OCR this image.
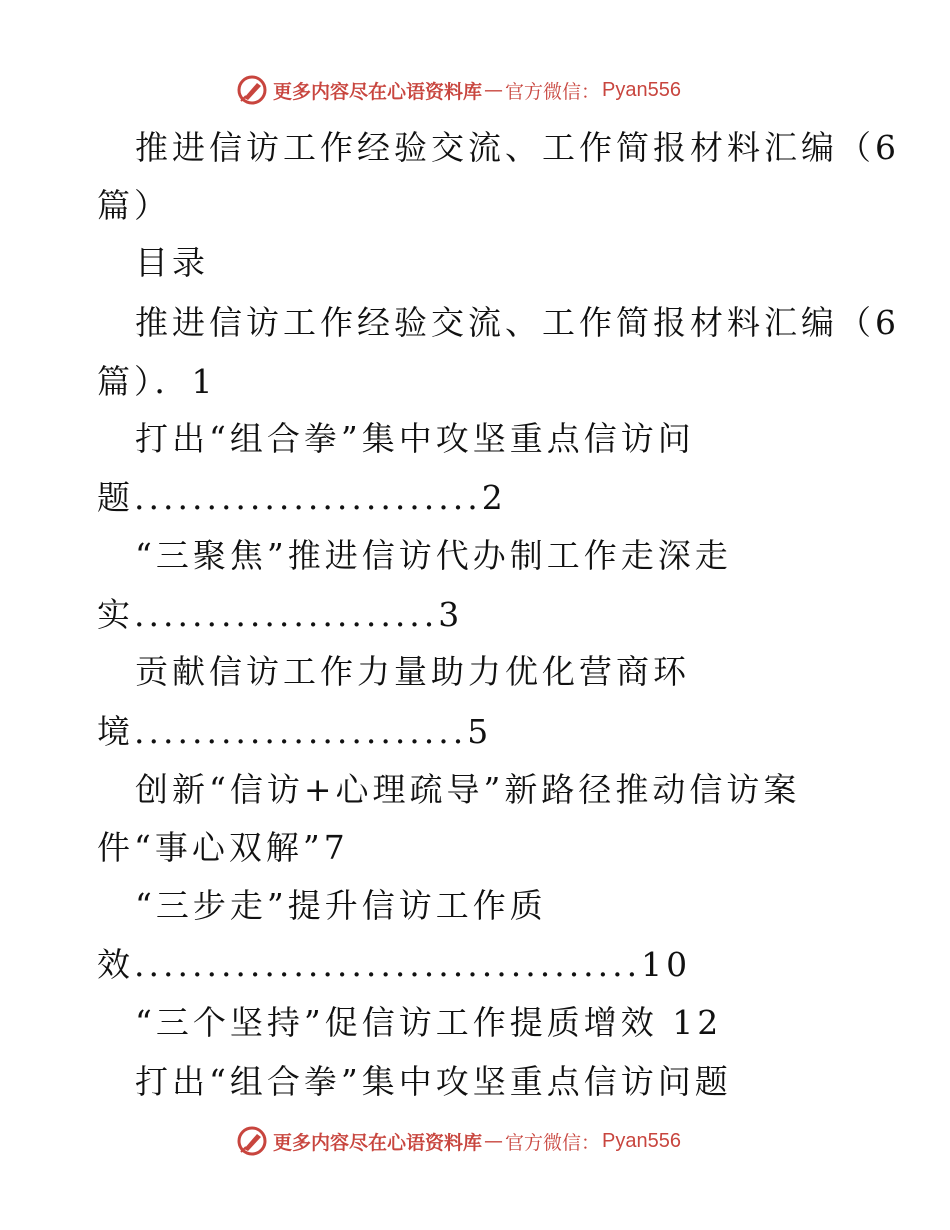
更多内容尽在心语资料库 — 官方微信： Pyan556
推进信访工作经验交流、工作简报材料汇编（6
篇）
目录
推进信访工作经验交流、工作简报材料汇编（6
篇）．1
打出“组合拳”集中攻坚重点信访问
题........................2
“三聚焦”推进信访代办制工作走深走
实.....................3
贡献信访工作力量助力优化营商环
境.......................5
创新“信访+心理疏导”新路径推动信访案
件“事心双解”7
“三步走”提升信访工作质
效...................................10
“三个坚持”促信访工作提质增效 12
打出“组合拳”集中攻坚重点信访问题
更多内容尽在心语资料库 — 官方微信： Pyan556
